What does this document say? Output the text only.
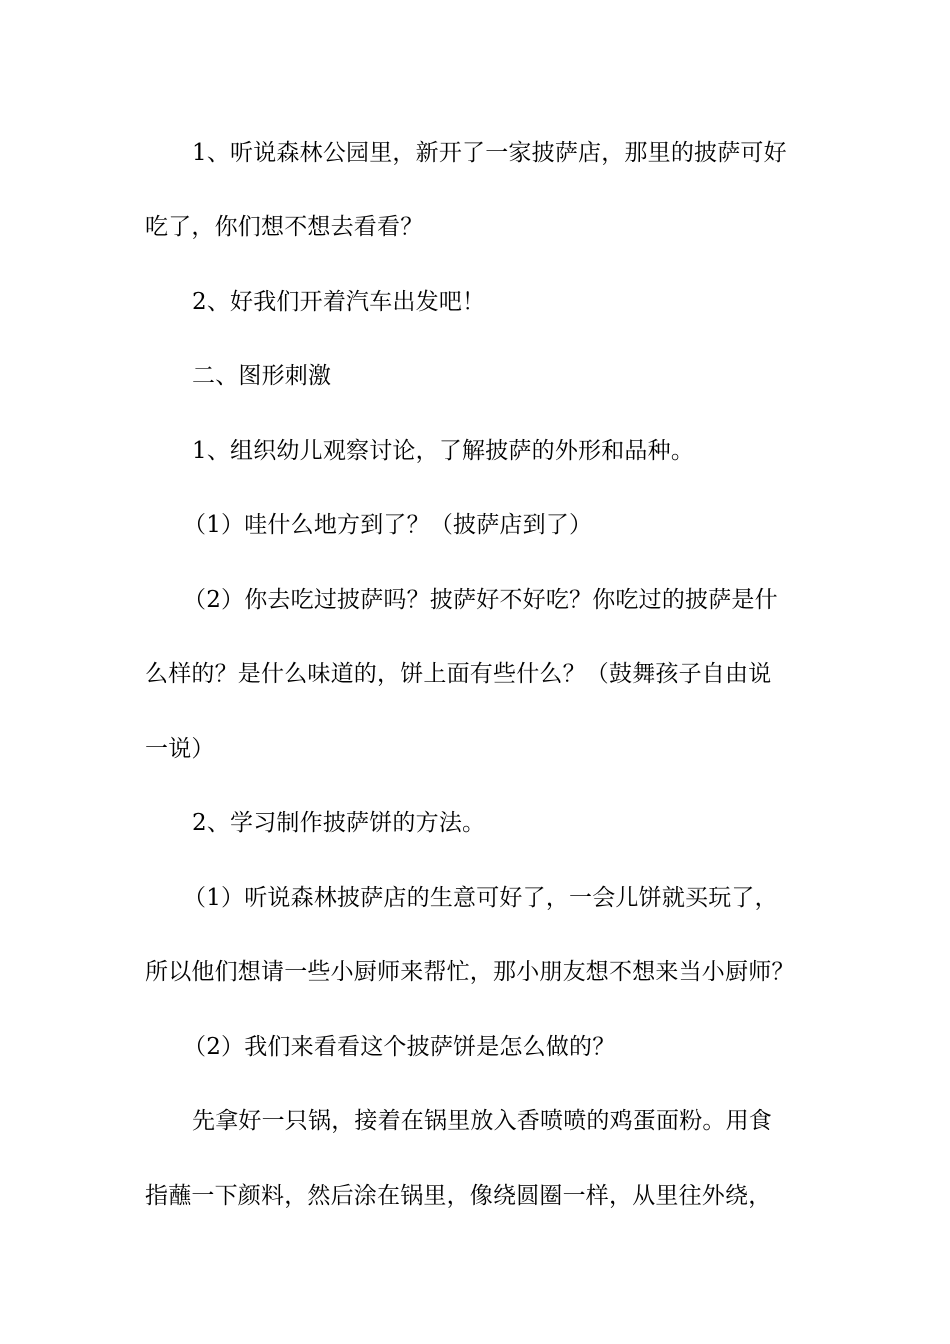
1、听说森林公园里，新开了一家披萨店，那里的披萨可好
吃了，你们想不想去看看？
2、好我们开着汽车出发吧！
二、图形刺激
1、组织幼儿观察讨论，了解披萨的外形和品种。
（1）哇什么地方到了？（披萨店到了）
（2）你去吃过披萨吗？披萨好不好吃？你吃过的披萨是什
么样的？是什么味道的，饼上面有些什么？（鼓舞孩子自由说
一说）
2、学习制作披萨饼的方法。
（1）听说森林披萨店的生意可好了，一会儿饼就买玩了，
所以他们想请一些小厨师来帮忙，那小朋友想不想来当小厨师？
（2）我们来看看这个披萨饼是怎么做的？
先拿好一只锅，接着在锅里放入香喷喷的鸡蛋面粉。用食
指蘸一下颜料，然后涂在锅里，像绕圆圈一样，从里往外绕，
